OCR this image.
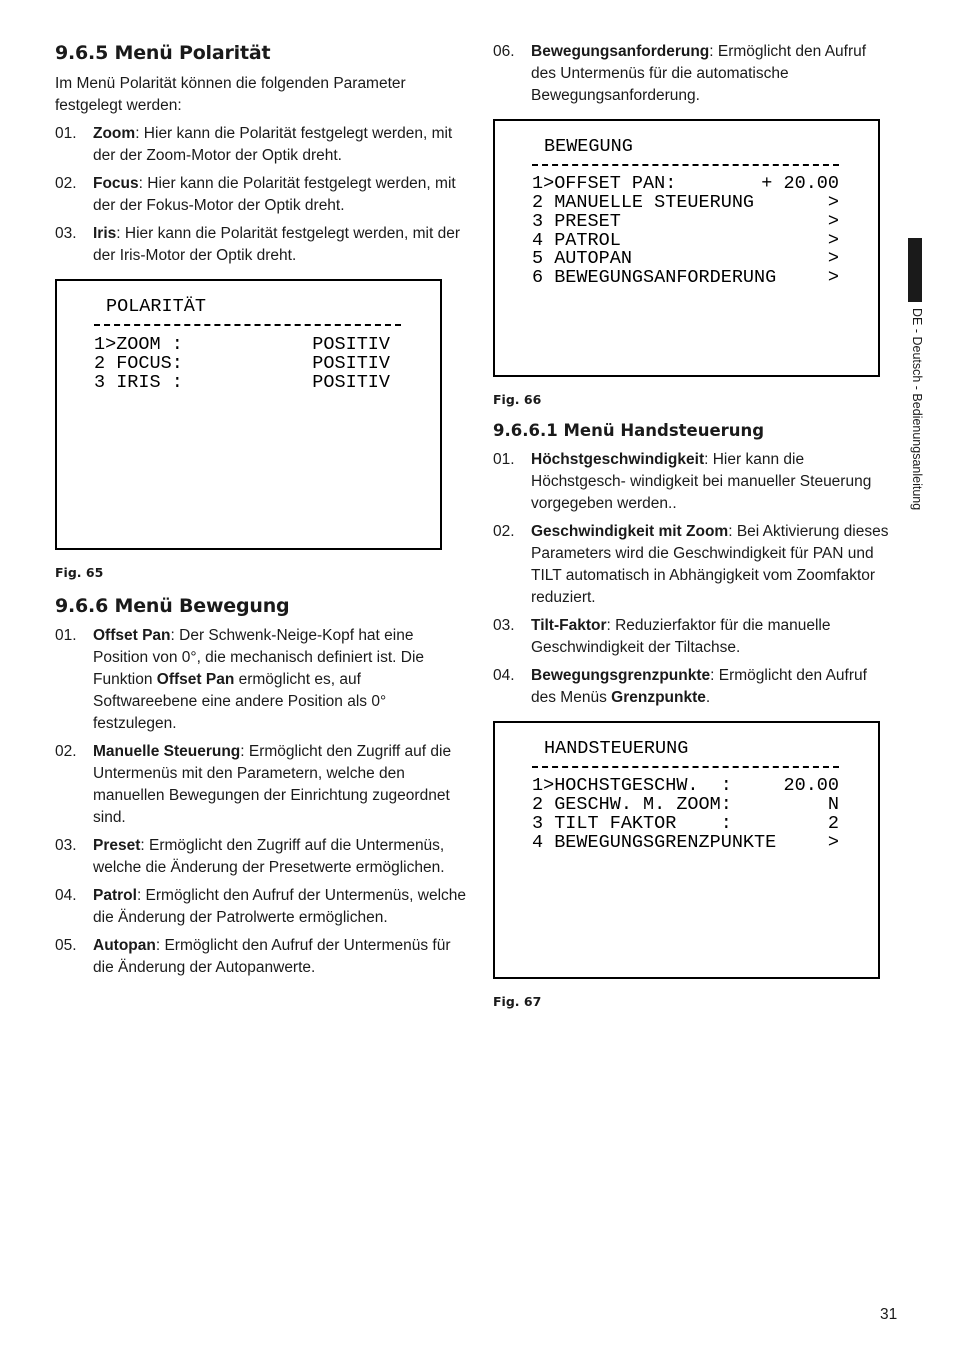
9.6.5 Menü Polarität

Im Menü Polarität können die folgenden Parameter festgelegt werden:

01.	Zoom: Hier kann die Polarität festgelegt werden, mit der der Zoom-Motor der Optik dreht.
02.	Focus: Hier kann die Polarität festgelegt werden, mit der der Fokus-Motor der Optik dreht.
03.	Iris: Hier kann die Polarität festgelegt werden, mit der der Iris-Motor der Optik dreht.
POLARITÄT
1>ZOOM :	POSITIV
2 FOCUS:	POSITIV
3 IRIS :	POSITIV
Fig. 65
9.6.6 Menü Bewegung
01.	Offset Pan: Der Schwenk-Neige-Kopf hat eine Position von 0°, die mechanisch definiert ist. Die Funktion Offset Pan ermöglicht es, auf Softwareebene eine andere Position als 0° festzulegen.
02.	Manuelle Steuerung: Ermöglicht den Zugriff auf die Untermenüs mit den Parametern, welche den manuellen Bewegungen der Einrichtung zugeordnet sind.
03.	Preset: Ermöglicht den Zugriff auf die Untermenüs, welche die Änderung der Presetwerte ermöglichen.
04.	Patrol: Ermöglicht den Aufruf der Untermenüs, welche die Änderung der Patrolwerte ermöglichen.
05.	Autopan: Ermöglicht den Aufruf der Untermenüs für die Änderung der Autopanwerte.
06.	Bewegungsanforderung: Ermöglicht den Aufruf des Untermenüs für die automatische Bewegungsanforderung.
BEWEGUNG
1>OFFSET PAN:	+ 20.00
2 MANUELLE STEUERUNG	>
3 PRESET	>
4 PATROL	>
5 AUTOPAN	>
6 BEWEGUNGSANFORDERUNG	>
Fig. 66
9.6.6.1 Menü Handsteuerung
01.	Höchstgeschwindigkeit: Hier kann die Höchstgesch- windigkeit bei manueller Steuerung vorgegeben werden..
02.	Geschwindigkeit mit Zoom: Bei Aktivierung dieses Parameters wird die Geschwindigkeit für PAN und TILT automatisch in Abhängigkeit vom Zoomfaktor reduziert.
03.	Tilt-Faktor: Reduzierfaktor für die manuelle Geschwindigkeit der Tiltachse.
04.	Bewegungsgrenzpunkte: Ermöglicht den Aufruf des Menüs Grenzpunkte.
HANDSTEUERUNG
1>HOCHSTGESCHW.  :	20.00
2 GESCHW. M. ZOOM:	N
3 TILT FAKTOR    :	2
4 BEWEGUNGSGRENZPUNKTE	>
Fig. 67
DE - Deutsch - Bedienungsanleitung
31
